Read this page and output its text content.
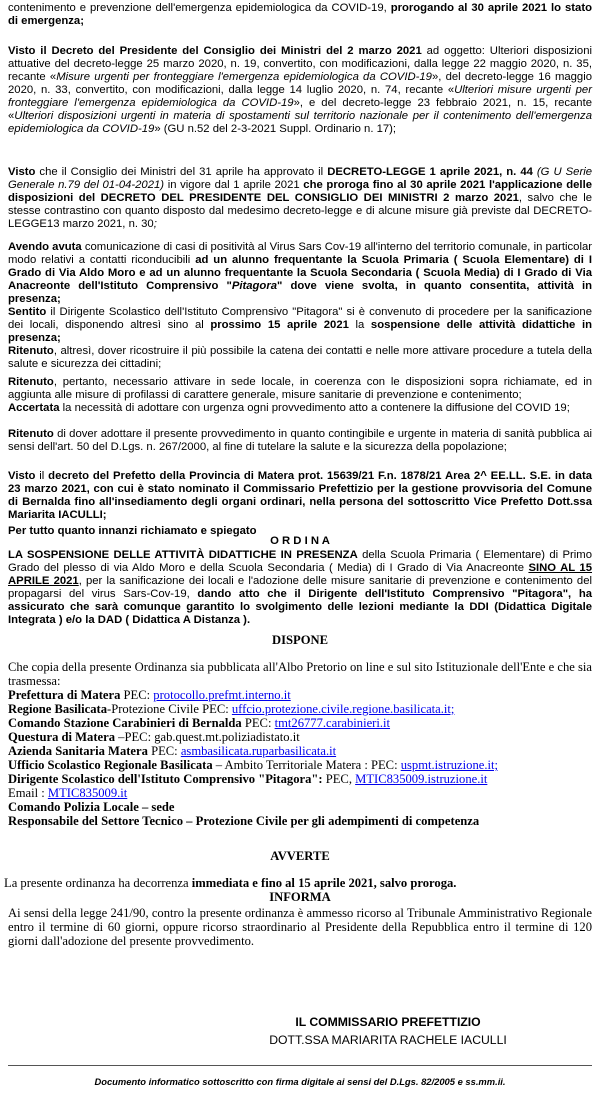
contenimento e prevenzione dell'emergenza epidemiologica da COVID-19, prorogando al 30 aprile 2021 lo stato di emergenza;

Visto il Decreto del Presidente del Consiglio dei Ministri del 2 marzo 2021 ad oggetto: Ulteriori disposizioni attuative del decreto-legge 25 marzo 2020, n. 19, convertito, con modificazioni, dalla legge 22 maggio 2020, n. 35, recante «Misure urgenti per fronteggiare l'emergenza epidemiologica da COVID-19», del decreto-legge 16 maggio 2020, n. 33, convertito, con modificazioni, dalla legge 14 luglio 2020, n. 74, recante «Ulteriori misure urgenti per fronteggiare l'emergenza epidemiologica da COVID-19», e del decreto-legge 23 febbraio 2021, n. 15, recante «Ulteriori disposizioni urgenti in materia di spostamenti sul territorio nazionale per il contenimento dell'emergenza epidemiologica da COVID-19» (GU n.52 del 2-3-2021 Suppl. Ordinario n. 17);

Visto che il Consiglio dei Ministri del 31 aprile ha approvato il DECRETO-LEGGE 1 aprile 2021, n. 44 (G U Serie Generale n.79 del 01-04-2021) in vigore dal 1 aprile 2021 che proroga fino al 30 aprile 2021 l'applicazione delle disposizioni del DECRETO DEL PRESIDENTE DEL CONSIGLIO DEI MINISTRI 2 marzo 2021, salvo che le stesse contrastino con quanto disposto dal medesimo decreto-legge e di alcune misure già previste dal DECRETO-LEGGE13 marzo 2021, n. 30;

Avendo avuta comunicazione di casi di positività al Virus Sars Cov-19 all'interno del territorio comunale, in particolar modo relativi a contatti riconducibili ad un alunno frequentante la Scuola Primaria ( Scuola Elementare) di I Grado di Via Aldo Moro e ad un alunno frequentante la Scuola Secondaria ( Scuola Media) di I Grado di Via Anacreonte dell'Istituto Comprensivo "Pitagora" dove viene svolta, in quanto consentita, attività in presenza;

Sentito il Dirigente Scolastico dell'Istituto Comprensivo "Pitagora" si è convenuto di procedere per la sanificazione dei locali, disponendo altresì sino al prossimo 15 aprile 2021 la sospensione delle attività didattiche in presenza;

Ritenuto, altresì, dover ricostruire il più possibile la catena dei contatti e nelle more attivare procedure a tutela della salute e sicurezza dei cittadini;

Ritenuto, pertanto, necessario attivare in sede locale, in coerenza con le disposizioni sopra richiamate, ed in aggiunta alle misure di profilassi di carattere generale, misure sanitarie di prevenzione e contenimento;

Accertata la necessità di adottare con urgenza ogni provvedimento atto a contenere la diffusione del COVID 19;

Ritenuto di dover adottare il presente provvedimento in quanto contingibile e urgente in materia di sanità pubblica ai sensi dell'art. 50 del D.Lgs. n. 267/2000, al fine di tutelare la salute e la sicurezza della popolazione;

Visto il decreto del Prefetto della Provincia di Matera prot. 15639/21 F.n. 1878/21 Area 2^ EE.LL. S.E. in data 23 marzo 2021, con cui è stato nominato il Commissario Prefettizio per la gestione provvisoria del Comune di Bernalda fino all'insediamento degli organi ordinari, nella persona del sottoscritto Vice Prefetto Dott.ssa Mariarita IACULLI;

Per tutto quanto innanzi richiamato e spiegato

O R D I N A

LA SOSPENSIONE DELLE ATTIVITÀ DIDATTICHE IN PRESENZA della Scuola Primaria ( Elementare) di Primo Grado del plesso di via Aldo Moro e della Scuola Secondaria ( Media) di I Grado di Via Anacreonte SINO AL 15 APRILE 2021, per la sanificazione dei locali e l'adozione delle misure sanitarie di prevenzione e contenimento del propagarsi del virus Sars-Cov-19, dando atto che il Dirigente dell'Istituto Comprensivo "Pitagora", ha assicurato che sarà comunque garantito lo svolgimento delle lezioni mediante la DDI (Didattica Digitale Integrata ) e/o la DAD ( Didattica A Distanza ).

DISPONE

Che copia della presente Ordinanza sia pubblicata all'Albo Pretorio on line e sul sito Istituzionale dell'Ente e che sia trasmessa:
Prefettura di Matera PEC: protocollo.prefmt.interno.it
Regione Basilicata-Protezione Civile PEC: uffcio.protezione.civile.regione.basilicata.it;
Comando Stazione Carabinieri di Bernalda PEC: tmt26777.carabinieri.it
Questura di Matera –PEC: gab.quest.mt.poliziadistato.it
Azienda Sanitaria Matera PEC: asmbasilicata.ruparbasilicata.it
Ufficio Scolastico Regionale Basilicata – Ambito Territoriale Matera : PEC: uspmt.istruzione.it;
Dirigente Scolastico dell'Istituto Comprensivo "Pitagora": PEC, MTIC835009.istruzione.it
Email : MTIC835009.it
Comando Polizia Locale – sede
Responsabile del Settore Tecnico – Protezione Civile per gli adempimenti di competenza

AVVERTE

La presente ordinanza ha decorrenza immediata e fino al 15 aprile 2021, salvo proroga.

INFORMA

Ai sensi della legge 241/90, contro la presente ordinanza è ammesso ricorso al Tribunale Amministrativo Regionale entro il termine di 60 giorni, oppure ricorso straordinario al Presidente della Repubblica entro il termine di 120 giorni dall'adozione del presente provvedimento.

IL COMMISSARIO PREFETTIZIO
DOTT.SSA MARIARITA RACHELE IACULLI

Documento informatico sottoscritto con firma digitale ai sensi del D.Lgs. 82/2005 e ss.mm.ii.
